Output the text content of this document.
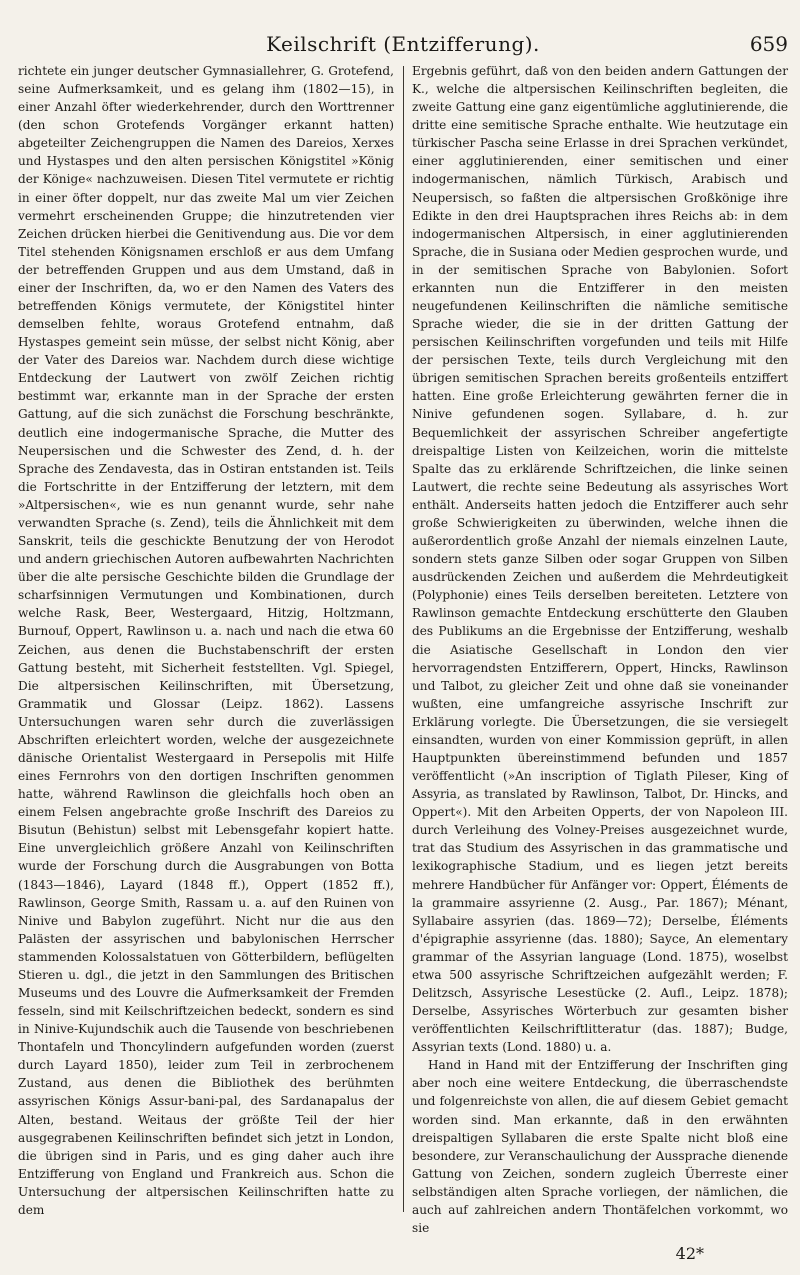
Keilschrift (Entzifferung).	659

richtete ein junger deutscher Gymnasiallehrer, G. Grotefend, seine Aufmerksamkeit, und es gelang ihm (1802—15), in einer Anzahl öfter wiederkehrender, durch den Worttrenner (den schon Grotefends Vorgänger erkannt hatten) abgeteilter Zeichengruppen die Namen des Dareios, Xerxes und Hystaspes und den alten persischen Königstitel »König der Könige« nachzuweisen. Diesen Titel vermutete er richtig in einer öfter doppelt, nur das zweite Mal um vier Zeichen vermehrt erscheinenden Gruppe; die hinzutretenden vier Zeichen drücken hierbei die Genitivendung aus. Die vor dem Titel stehenden Königsnamen erschloß er aus dem Umfang der betreffenden Gruppen und aus dem Umstand, daß in einer der Inschriften, da, wo er den Namen des Vaters des betreffenden Königs vermutete, der Königstitel hinter demselben fehlte, woraus Grotefend entnahm, daß Hystaspes gemeint sein müsse, der selbst nicht König, aber der Vater des Dareios war. Nachdem durch diese wichtige Entdeckung der Lautwert von zwölf Zeichen richtig bestimmt war, erkannte man in der Sprache der ersten Gattung, auf die sich zunächst die Forschung beschränkte, deutlich eine indogermanische Sprache, die Mutter des Neupersischen und die Schwester des Zend, d. h. der Sprache des Zendavesta, das in Ostiran entstanden ist. Teils die Fortschritte in der Entzifferung der letztern, mit dem »Altpersischen«, wie es nun genannt wurde, sehr nahe verwandten Sprache (s. Zend), teils die Ähnlichkeit mit dem Sanskrit, teils die geschickte Benutzung der von Herodot und andern griechischen Autoren aufbewahrten Nachrichten über die alte persische Geschichte bilden die Grundlage der scharfsinnigen Vermutungen und Kombinationen, durch welche Rask, Beer, Westergaard, Hitzig, Holtzmann, Burnouf, Oppert, Rawlinson u. a. nach und nach die etwa 60 Zeichen, aus denen die Buchstabenschrift der ersten Gattung besteht, mit Sicherheit feststellten. Vgl. Spiegel, Die altpersischen Keilinschriften, mit Übersetzung, Grammatik und Glossar (Leipz. 1862). Lassens Untersuchungen waren sehr durch die zuverlässigen Abschriften erleichtert worden, welche der ausgezeichnete dänische Orientalist Westergaard in Persepolis mit Hilfe eines Fernrohrs von den dortigen Inschriften genommen hatte, während Rawlinson die gleichfalls hoch oben an einem Felsen angebrachte große Inschrift des Dareios zu Bisutun (Behistun) selbst mit Lebensgefahr kopiert hatte. Eine unvergleichlich größere Anzahl von Keilinschriften wurde der Forschung durch die Ausgrabungen von Botta (1843—1846), Layard (1848 ff.), Oppert (1852 ff.), Rawlinson, George Smith, Rassam u. a. auf den Ruinen von Ninive und Babylon zugeführt. Nicht nur die aus den Palästen der assyrischen und babylonischen Herrscher stammenden Kolossalstatuen von Götterbildern, beflügelten Stieren u. dgl., die jetzt in den Sammlungen des Britischen Museums und des Louvre die Aufmerksamkeit der Fremden fesseln, sind mit Keilschriftzeichen bedeckt, sondern es sind in Ninive-Kujundschik auch die Tausende von beschriebenen Thontafeln und Thoncylindern aufgefunden worden (zuerst durch Layard 1850), leider zum Teil in zerbrochenem Zustand, aus denen die Bibliothek des berühmten assyrischen Königs Assur-bani-pal, des Sardanapalus der Alten, bestand. Weitaus der größte Teil der hier ausgegrabenen Keilinschriften befindet sich jetzt in London, die übrigen sind in Paris, und es ging daher auch ihre Entzifferung von England und Frankreich aus. Schon die Untersuchung der altpersischen Keilinschriften hatte zu dem

Ergebnis geführt, daß von den beiden andern Gattungen der K., welche die altpersischen Keilinschriften begleiten, die zweite Gattung eine ganz eigentümliche agglutinierende, die dritte eine semitische Sprache enthalte. Wie heutzutage ein türkischer Pascha seine Erlasse in drei Sprachen verkündet, einer agglutinierenden, einer semitischen und einer indogermanischen, nämlich Türkisch, Arabisch und Neupersisch, so faßten die altpersischen Großkönige ihre Edikte in den drei Hauptsprachen ihres Reichs ab: in dem indogermanischen Altpersisch, in einer agglutinierenden Sprache, die in Susiana oder Medien gesprochen wurde, und in der semitischen Sprache von Babylonien. Sofort erkannten nun die Entzifferer in den meisten neugefundenen Keilinschriften die nämliche semitische Sprache wieder, die sie in der dritten Gattung der persischen Keilinschriften vorgefunden und teils mit Hilfe der persischen Texte, teils durch Vergleichung mit den übrigen semitischen Sprachen bereits großenteils entziffert hatten. Eine große Erleichterung gewährten ferner die in Ninive gefundenen sogen. Syllabare, d. h. zur Bequemlichkeit der assyrischen Schreiber angefertigte dreispaltige Listen von Keilzeichen, worin die mittelste Spalte das zu erklärende Schriftzeichen, die linke seinen Lautwert, die rechte seine Bedeutung als assyrisches Wort enthält. Anderseits hatten jedoch die Entzifferer auch sehr große Schwierigkeiten zu überwinden, welche ihnen die außerordentlich große Anzahl der niemals einzelnen Laute, sondern stets ganze Silben oder sogar Gruppen von Silben ausdrückenden Zeichen und außerdem die Mehrdeutigkeit (Polyphonie) eines Teils derselben bereiteten. Letztere von Rawlinson gemachte Entdeckung erschütterte den Glauben des Publikums an die Ergebnisse der Entzifferung, weshalb die Asiatische Gesellschaft in London den vier hervorragendsten Entzifferern, Oppert, Hincks, Rawlinson und Talbot, zu gleicher Zeit und ohne daß sie voneinander wußten, eine umfangreiche assyrische Inschrift zur Erklärung vorlegte. Die Übersetzungen, die sie versiegelt einsandten, wurden von einer Kommission geprüft, in allen Hauptpunkten übereinstimmend befunden und 1857 veröffentlicht (»An inscription of Tiglath Pileser, King of Assyria, as translated by Rawlinson, Talbot, Dr. Hincks, and Oppert«). Mit den Arbeiten Opperts, der von Napoleon III. durch Verleihung des Volney-Preises ausgezeichnet wurde, trat das Studium des Assyrischen in das grammatische und lexikographische Stadium, und es liegen jetzt bereits mehrere Handbücher für Anfänger vor: Oppert, Éléments de la grammaire assyrienne (2. Ausg., Par. 1867); Ménant, Syllabaire assyrien (das. 1869—72); Derselbe, Éléments d'épigraphie assyrienne (das. 1880); Sayce, An elementary grammar of the Assyrian language (Lond. 1875), woselbst etwa 500 assyrische Schriftzeichen aufgezählt werden; F. Delitzsch, Assyrische Lesestücke (2. Aufl., Leipz. 1878); Derselbe, Assyrisches Wörterbuch zur gesamten bisher veröffentlichten Keilschriftlitteratur (das. 1887); Budge, Assyrian texts (Lond. 1880) u. a.

Hand in Hand mit der Entzifferung der Inschriften ging aber noch eine weitere Entdeckung, die überraschendste und folgenreichste von allen, die auf diesem Gebiet gemacht worden sind. Man erkannte, daß in den erwähnten dreispaltigen Syllabaren die erste Spalte nicht bloß eine besondere, zur Veranschaulichung der Aussprache dienende Gattung von Zeichen, sondern zugleich Überreste einer selbständigen alten Sprache vorliegen, der nämlichen, die auch auf zahlreichen andern Thontäfelchen vorkommt, wo sie

42*
